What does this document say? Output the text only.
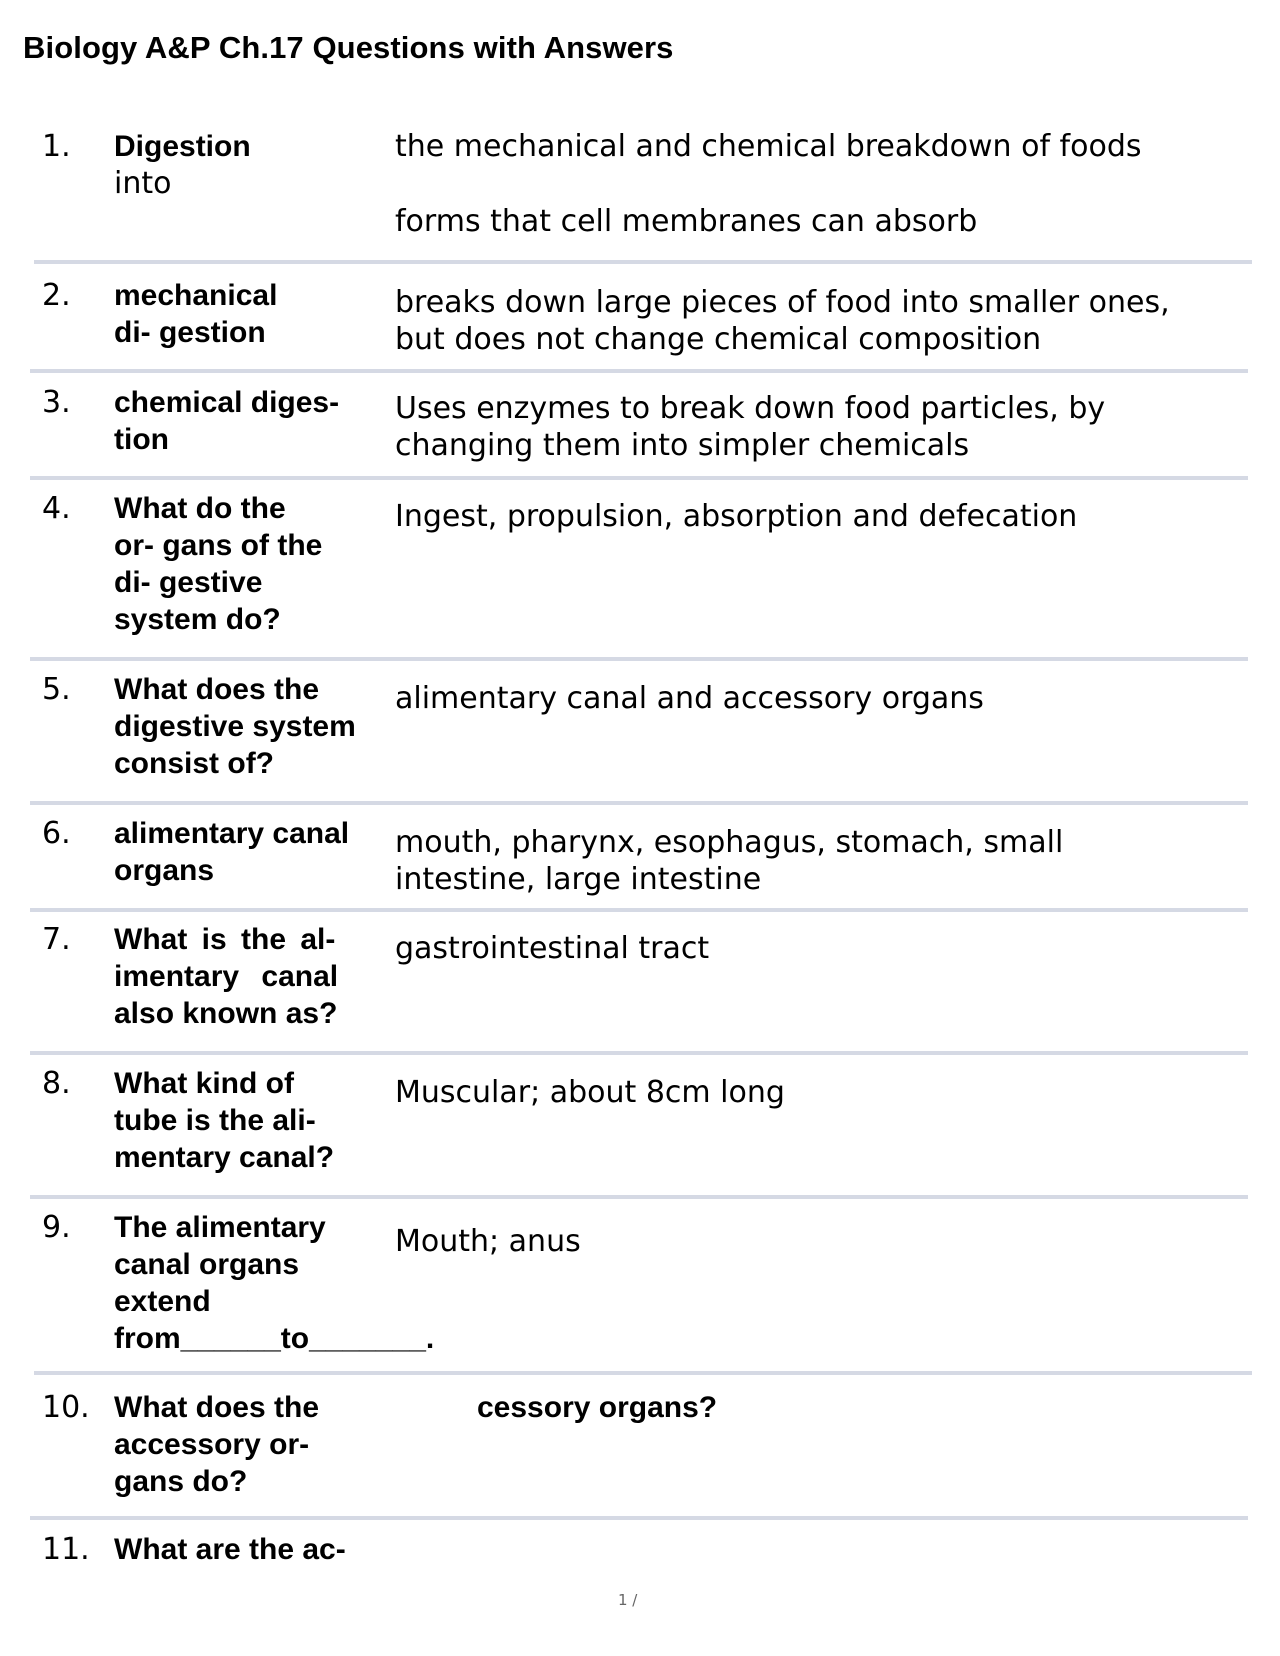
Biology A&P Ch.17 Questions with Answers
1. Digestion
into
the mechanical and chemical breakdown of foods
forms that cell membranes can absorb
2. mechanical
di- gestion
breaks down large pieces of food into smaller ones,
but does not change chemical composition
3. chemical diges-
tion
Uses enzymes to break down food particles, by
changing them into simpler chemicals
4. What do the
or- gans of the
di- gestive
system do?
Ingest, propulsion, absorption and defecation
5. What does the
digestive system
consist of?
alimentary canal and accessory organs
6. alimentary canal
organs
mouth, pharynx, esophagus, stomach, small
intestine, large intestine
7. What is the al-
imentary canal
also known as?
gastrointestinal tract
8. What kind of
tube is the ali-
mentary canal?
Muscular; about 8cm long
9. The alimentary
canal organs
extend
from______to_______.
Mouth; anus
10. What does the
accessory or-
gans do?
cessory organs?
11. What are the ac-
1 /
